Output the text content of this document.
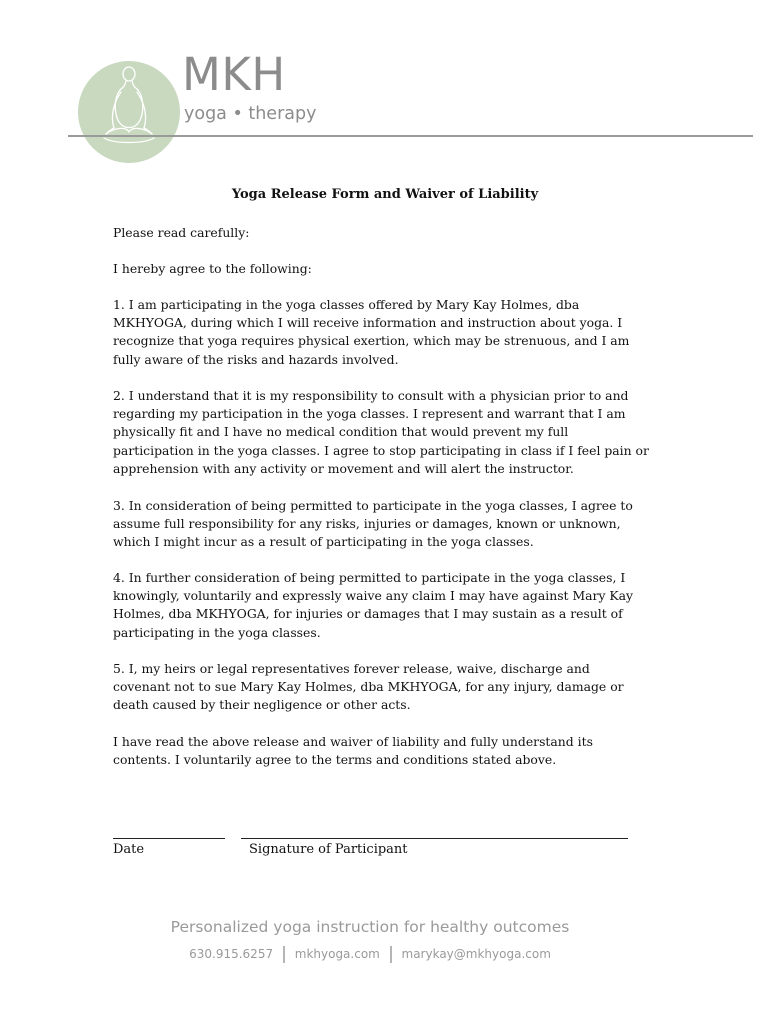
MKH
yoga • therapy
Yoga Release Form and Waiver of Liability

Please read carefully:

I hereby agree to the following:

1. I am participating in the yoga classes offered by Mary Kay Holmes, dba
MKHYOGA, during which I will receive information and instruction about yoga. I
recognize that yoga requires physical exertion, which may be strenuous, and I am
fully aware of the risks and hazards involved.

2. I understand that it is my responsibility to consult with a physician prior to and
regarding my participation in the yoga classes. I represent and warrant that I am
physically fit and I have no medical condition that would prevent my full
participation in the yoga classes. I agree to stop participating in class if I feel pain or
apprehension with any activity or movement and will alert the instructor.

3. In consideration of being permitted to participate in the yoga classes, I agree to
assume full responsibility for any risks, injuries or damages, known or unknown,
which I might incur as a result of participating in the yoga classes.

4. In further consideration of being permitted to participate in the yoga classes, I
knowingly, voluntarily and expressly waive any claim I may have against Mary Kay
Holmes, dba MKHYOGA, for injuries or damages that I may sustain as a result of
participating in the yoga classes.

5. I, my heirs or legal representatives forever release, waive, discharge and
covenant not to sue Mary Kay Holmes, dba MKHYOGA, for any injury, damage or
death caused by their negligence or other acts.

I have read the above release and waiver of liability and fully understand its
contents. I voluntarily agree to the terms and conditions stated above.

Date	Signature of Participant
Personalized yoga instruction for healthy outcomes
630.915.6257 mkhyoga.com marykay@mkhyoga.com
